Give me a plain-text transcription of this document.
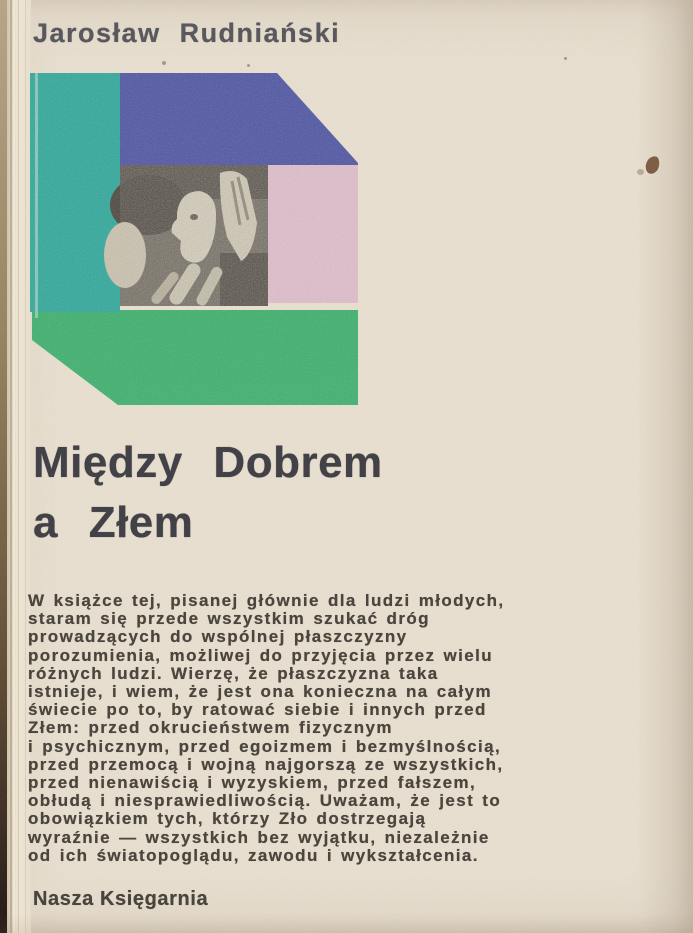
Jarosław Rudniański
Między Dobrem
a Złem
W książce tej, pisanej głównie dla ludzi młodych,
staram się przede wszystkim szukać dróg
prowadzących do wspólnej płaszczyzny
porozumienia, możliwej do przyjęcia przez wielu
różnych ludzi. Wierzę, że płaszczyzna taka
istnieje, i wiem, że jest ona konieczna na całym
świecie po to, by ratować siebie i innych przed
Złem: przed okrucieństwem fizycznym
i psychicznym, przed egoizmem i bezmyślnością,
przed przemocą i wojną najgorszą ze wszystkich,
przed nienawiścią i wyzyskiem, przed fałszem,
obłudą i niesprawiedliwością. Uważam, że jest to
obowiązkiem tych, którzy Zło dostrzegają
wyraźnie — wszystkich bez wyjątku, niezależnie
od ich światopoglądu, zawodu i wykształcenia.
Nasza Księgarnia
